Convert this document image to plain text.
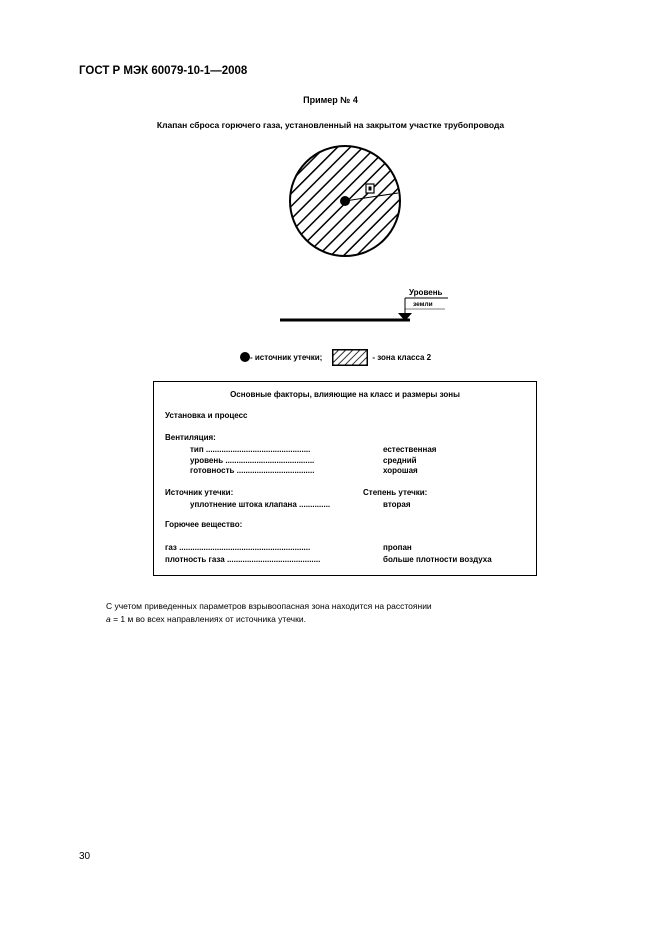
ГОСТ Р МЭК 60079-10-1—2008
Пример № 4
Клапан сброса горючего газа, установленный на закрытом участке трубопровода
Уровень
земли
- источник утечки;	- зона класса 2
Основные факторы, влияющие на класс и размеры зоны
Установка и процесс
Вентиляция:
тип ...............................................	естественная
уровень ........................................	средний
готовность ...................................	хорошая
Источник утечки:	Степень утечки:
уплотнение штока клапана ..............	вторая
Горючее вещество:
газ ...........................................................	пропан
плотность газа ..........................................	больше плотности воздуха
С учетом приведенных параметров взрывоопасная зона находится на расстоянии
а = 1 м во всех направлениях от источника утечки.
30
